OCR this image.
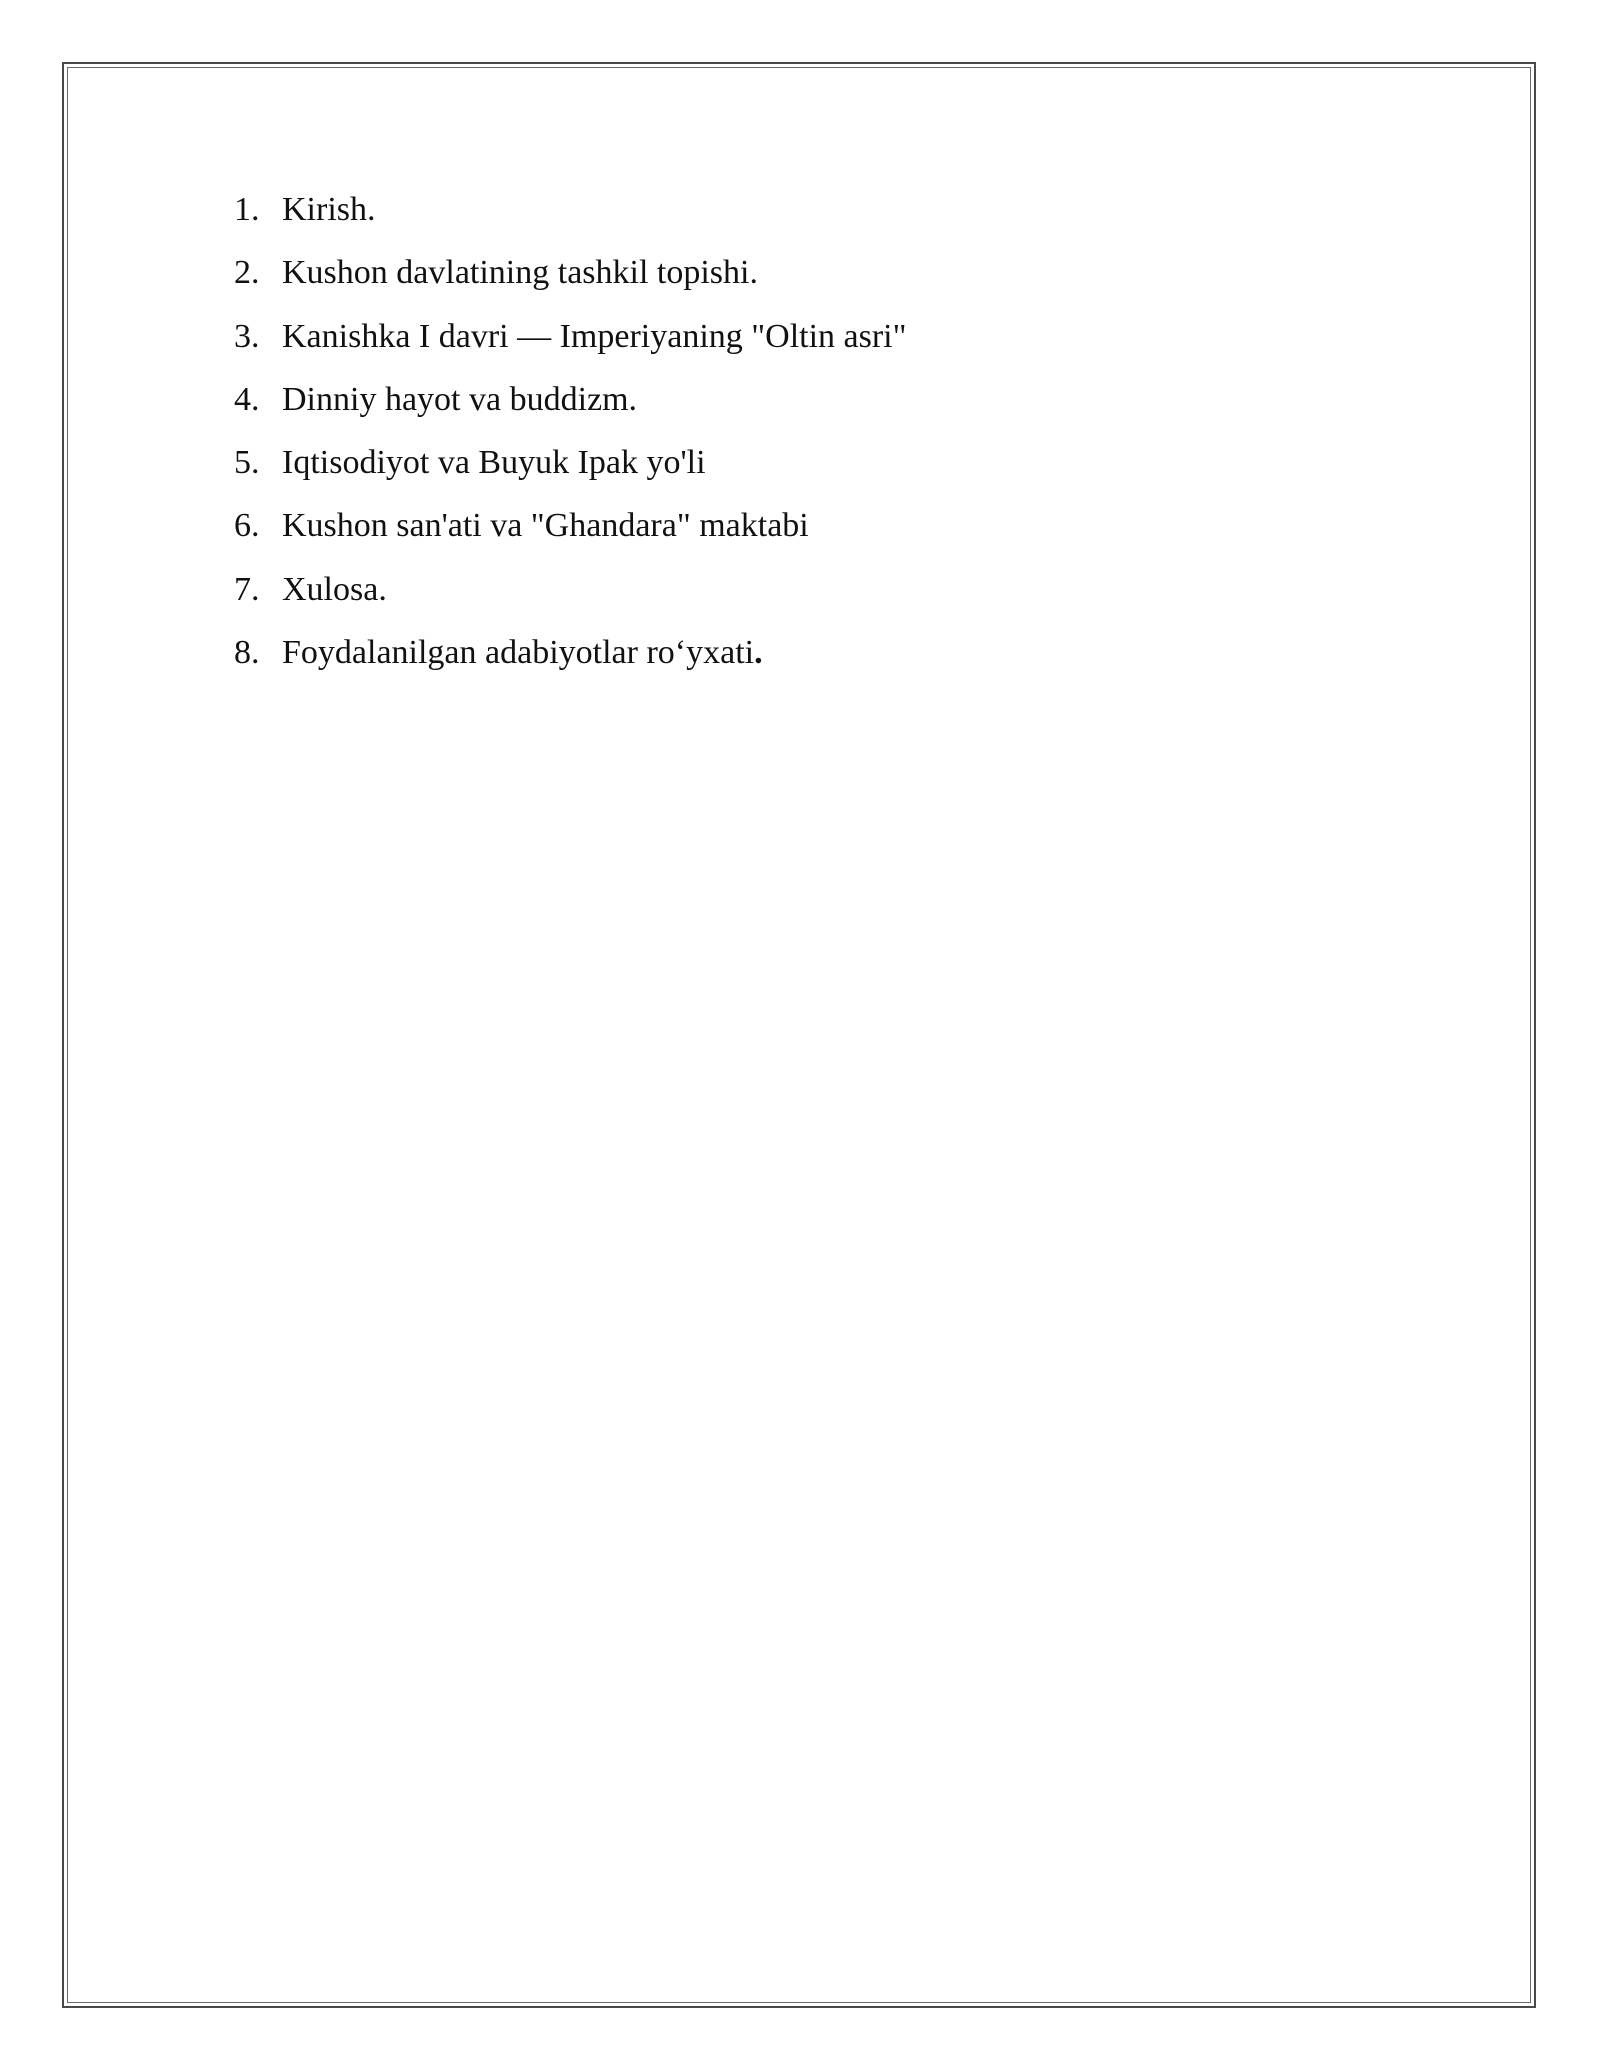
1. Kirish.
2. Kushon davlatining tashkil topishi.
3. Kanishka I davri — Imperiyaning "Oltin asri"
4. Dinniy hayot va buddizm.
5. Iqtisodiyot va Buyuk Ipak yo'li
6. Kushon san'ati va "Ghandara" maktabi
7. Xulosa.
8. Foydalanilgan adabiyotlar ro‘yxati.
